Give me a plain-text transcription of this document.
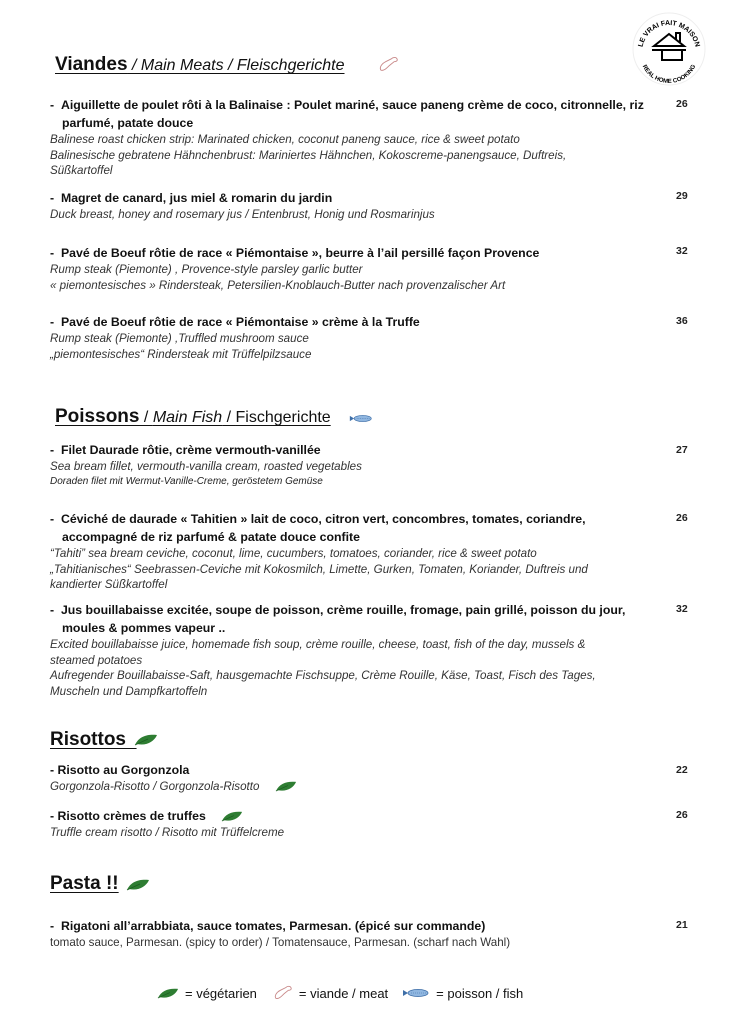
LE VRAI FAIT MAISON
REAL HOME COOKING
Viandes / Main Meats / Fleischgerichte
- Aiguillette de poulet rôti à la Balinaise : Poulet mariné, sauce paneng crème de coco, citronnelle, riz
parfumé, patate douce
Balinese roast chicken strip: Marinated chicken, coconut paneng sauce, rice & sweet potato
Balinesische gebratene Hähnchenbrust: Mariniertes Hähnchen, Kokoscreme-panengsauce, Duftreis,
Süßkartoffel
26
- Magret de canard, jus miel & romarin du jardin
Duck breast, honey and rosemary jus / Entenbrust, Honig und Rosmarinjus
29
- Pavé de Boeuf rôtie de race « Piémontaise », beurre à l’ail persillé façon Provence
Rump steak (Piemonte) , Provence-style parsley garlic butter
« piemontesisches » Rindersteak, Petersilien-Knoblauch-Butter nach provenzalischer Art
32
- Pavé de Boeuf rôtie de race « Piémontaise » crème à la Truffe
Rump steak (Piemonte) ,Truffled mushroom sauce
„piemontesisches“ Rindersteak mit Trüffelpilzsauce
36
Poissons / Main Fish / Fischgerichte
- Filet Daurade rôtie, crème vermouth-vanillée
Sea bream fillet, vermouth-vanilla cream, roasted vegetables
Doraden filet mit Wermut-Vanille-Creme, geröstetem Gemüse
27
- Céviché de daurade « Tahitien » lait de coco, citron vert, concombres, tomates, coriandre,
accompagné de riz parfumé & patate douce confite
“Tahiti” sea bream ceviche, coconut, lime, cucumbers, tomatoes, coriander, rice & sweet potato
„Tahitianisches“ Seebrassen-Ceviche mit Kokosmilch, Limette, Gurken, Tomaten, Koriander, Duftreis und
kandierter Süßkartoffel
26
- Jus bouillabaisse excitée, soupe de poisson, crème rouille, fromage, pain grillé, poisson du jour,
moules & pommes vapeur ..
Excited bouillabaisse juice, homemade fish soup, crème rouille, cheese, toast, fish of the day, mussels &
steamed potatoes
Aufregender Bouillabaisse-Saft, hausgemachte Fischsuppe, Crème Rouille, Käse, Toast, Fisch des Tages,
Muscheln und Dampfkartoffeln
32
Risottos
- Risotto au Gorgonzola
Gorgonzola-Risotto / Gorgonzola-Risotto
22
- Risotto crèmes de truffes
Truffle cream risotto / Risotto mit Trüffelcreme
26
Pasta !!
- Rigatoni all’arrabbiata, sauce tomates, Parmesan. (épicé sur commande)
tomato sauce, Parmesan. (spicy to order) / Tomatensauce, Parmesan. (scharf nach Wahl)
21
= végétarien	= viande / meat	= poisson / fish
